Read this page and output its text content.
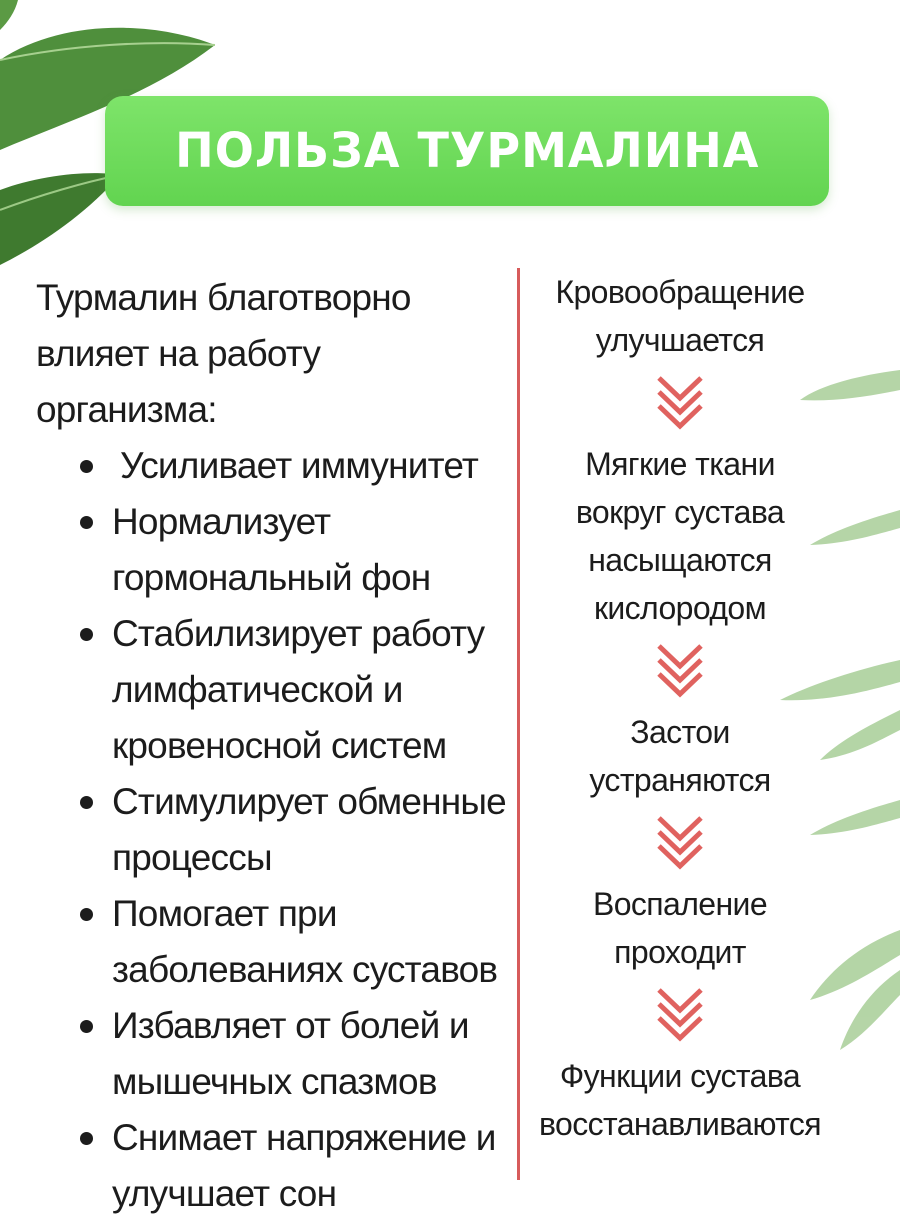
ПОЛЬЗА ТУРМАЛИНА

Турмалин благотворно
влияет на работу организма:

Усиливает иммунитет
Нормализует
гормональный фон
Стабилизирует работу
лимфатической и
кровеносной систем
Стимулирует обменные
процессы
Помогает при
заболеваниях суставов
Избавляет от болей и
мышечных спазмов
Снимает напряжение и
улучшает сон

Кровообращение
улучшается

Мягкие ткани
вокруг сустава
насыщаются
кислородом

Застои
устраняются

Воспаление
проходит

Функции сустава
восстанавливаются
